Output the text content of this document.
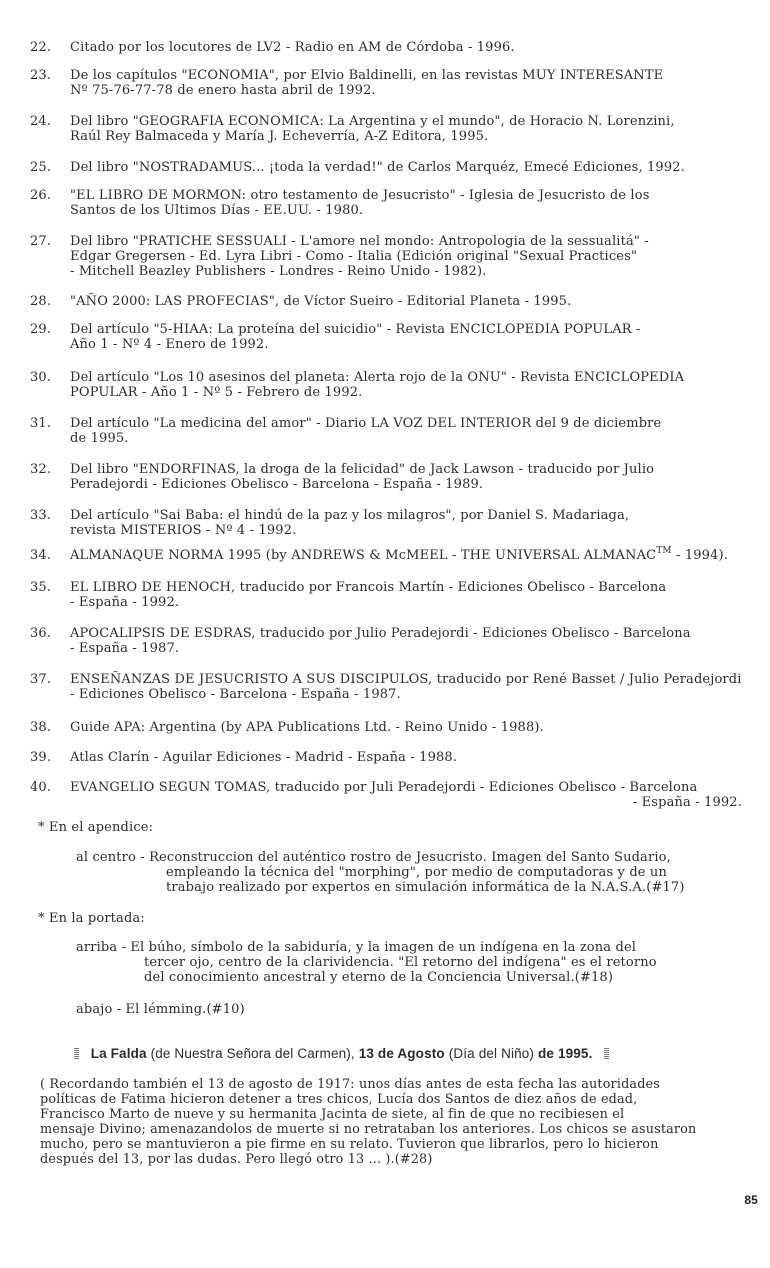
22.	Citado por los locutores de LV2 - Radio en AM de Córdoba - 1996.
23.	De los capítulos "ECONOMIA", por Elvio Baldinelli, en las revistas MUY INTERESANTE
Nº 75-76-77-78 de enero hasta abril de 1992.
24.	Del libro "GEOGRAFIA ECONOMICA: La Argentina y el mundo", de Horacio N. Lorenzini,
Raúl Rey Balmaceda y María J. Echeverría, A-Z Editora, 1995.
25.	Del libro "NOSTRADAMUS... ¡toda la verdad!" de Carlos Marquéz, Emecé Ediciones, 1992.
26.	"EL LIBRO DE MORMON: otro testamento de Jesucristo" - Iglesia de Jesucristo de los
Santos de los Ultimos Días - EE.UU. - 1980.
27.	Del libro "PRATICHE SESSUALI - L'amore nel mondo: Antropologia de la sessualitá" -
Edgar Gregersen - Ed. Lyra Libri - Como - Italia (Edición original "Sexual Practices"
- Mitchell Beazley Publishers - Londres - Reino Unido - 1982).
28.	"AÑO 2000: LAS PROFECIAS", de Víctor Sueiro - Editorial Planeta - 1995.
29.	Del artículo "5-HIAA: La proteína del suicidio" - Revista ENCICLOPEDIA POPULAR -
Año 1 - Nº 4 - Enero de 1992.
30.	Del artículo "Los 10 asesinos del planeta: Alerta rojo de la ONU" - Revista ENCICLOPEDIA
POPULAR - Año 1 - Nº 5 - Febrero de 1992.
31.	Del artículo "La medicina del amor" - Diario LA VOZ DEL INTERIOR del 9 de diciembre
de 1995.
32.	Del libro "ENDORFINAS, la droga de la felicidad" de Jack Lawson - traducido por Julio
Peradejordi - Ediciones Obelisco - Barcelona - España - 1989.
33.	Del artículo "Sai Baba: el hindú de la paz y los milagros", por Daniel S. Madariaga,
revista MISTERIOS - Nº 4 - 1992.
34.	ALMANAQUE NORMA 1995 (by ANDREWS & McMEEL - THE UNIVERSAL ALMANAC™ - 1994).
35.	EL LIBRO DE HENOCH, traducido por Francois Martín - Ediciones Obelisco - Barcelona
- España - 1992.
36.	APOCALIPSIS DE ESDRAS, traducido por Julio Peradejordi - Ediciones Obelisco - Barcelona
- España - 1987.
37.	ENSEÑANZAS DE JESUCRISTO A SUS DISCIPULOS, traducido por René Basset / Julio Peradejordi
- Ediciones Obelisco - Barcelona - España - 1987.
38.	Guide APA: Argentina (by APA Publications Ltd. - Reino Unido - 1988).
39.	Atlas Clarín - Aguilar Ediciones - Madrid - España - 1988.
40.	EVANGELIO SEGUN TOMAS, traducido por Juli Peradejordi - Ediciones Obelisco - Barcelona
- España - 1992.
* En el apendice:
al centro - Reconstruccion del auténtico rostro de Jesucristo. Imagen del Santo Sudario,
empleando la técnica del "morphing", por medio de computadoras y de un
trabajo realizado por expertos en simulación informática de la N.A.S.A.(#17)
* En la portada:
arriba - El búho, símbolo de la sabiduría, y la imagen de un indígena en la zona del
tercer ojo, centro de la clarividencia. "El retorno del indígena" es el retorno
del conocimiento ancestral y eterno de la Conciencia Universal.(#18)
abajo - El lémming.(#10)
La Falda (de Nuestra Señora del Carmen), 13 de Agosto (Día del Niño) de 1995.
( Recordando también el 13 de agosto de 1917: unos días antes de esta fecha las autoridades
políticas de Fatima hicieron detener a tres chicos, Lucía dos Santos de diez años de edad,
Francisco Marto de nueve y su hermanita Jacinta de siete, al fin de que no recibiesen el
mensaje Divino; amenazandolos de muerte si no retrataban los anteriores. Los chicos se asustaron
mucho, pero se mantuvieron a pie firme en su relato. Tuvieron que librarlos, pero lo hicieron
después del 13, por las dudas. Pero llegó otro 13 ... ).(#28)
85
